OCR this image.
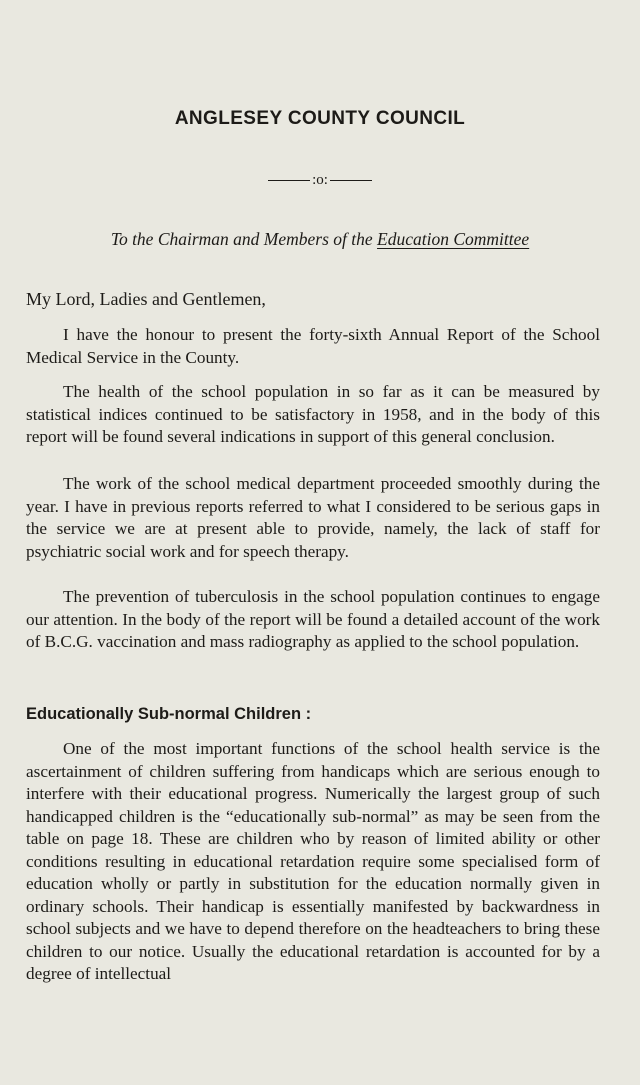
ANGLESEY COUNTY COUNCIL
:o:
To the Chairman and Members of the Education Committee
My Lord, Ladies and Gentlemen,

I have the honour to present the forty-sixth Annual Report of the School Medical Service in the County.

The health of the school population in so far as it can be measured by statistical indices continued to be satisfactory in 1958, and in the body of this report will be found several indications in support of this general conclusion.

The work of the school medical department proceeded smoothly during the year. I have in previous reports referred to what I considered to be serious gaps in the service we are at present able to provide, namely, the lack of staff for psychiatric social work and for speech therapy.

The prevention of tuberculosis in the school population continues to engage our attention. In the body of the report will be found a detailed account of the work of B.C.G. vaccination and mass radiography as applied to the school population.

Educationally Sub-normal Children :

One of the most important functions of the school health service is the ascertainment of children suffering from handicaps which are serious enough to interfere with their educational progress. Numerically the largest group of such handicapped children is the “educationally sub-normal” as may be seen from the table on page 18. These are children who by reason of limited ability or other conditions resulting in educational retardation require some specialised form of education wholly or partly in substitution for the education normally given in ordinary schools. Their handicap is essentially manifested by backwardness in school subjects and we have to depend therefore on the headteachers to bring these children to our notice. Usually the educational retardation is accounted for by a degree of intellectual
